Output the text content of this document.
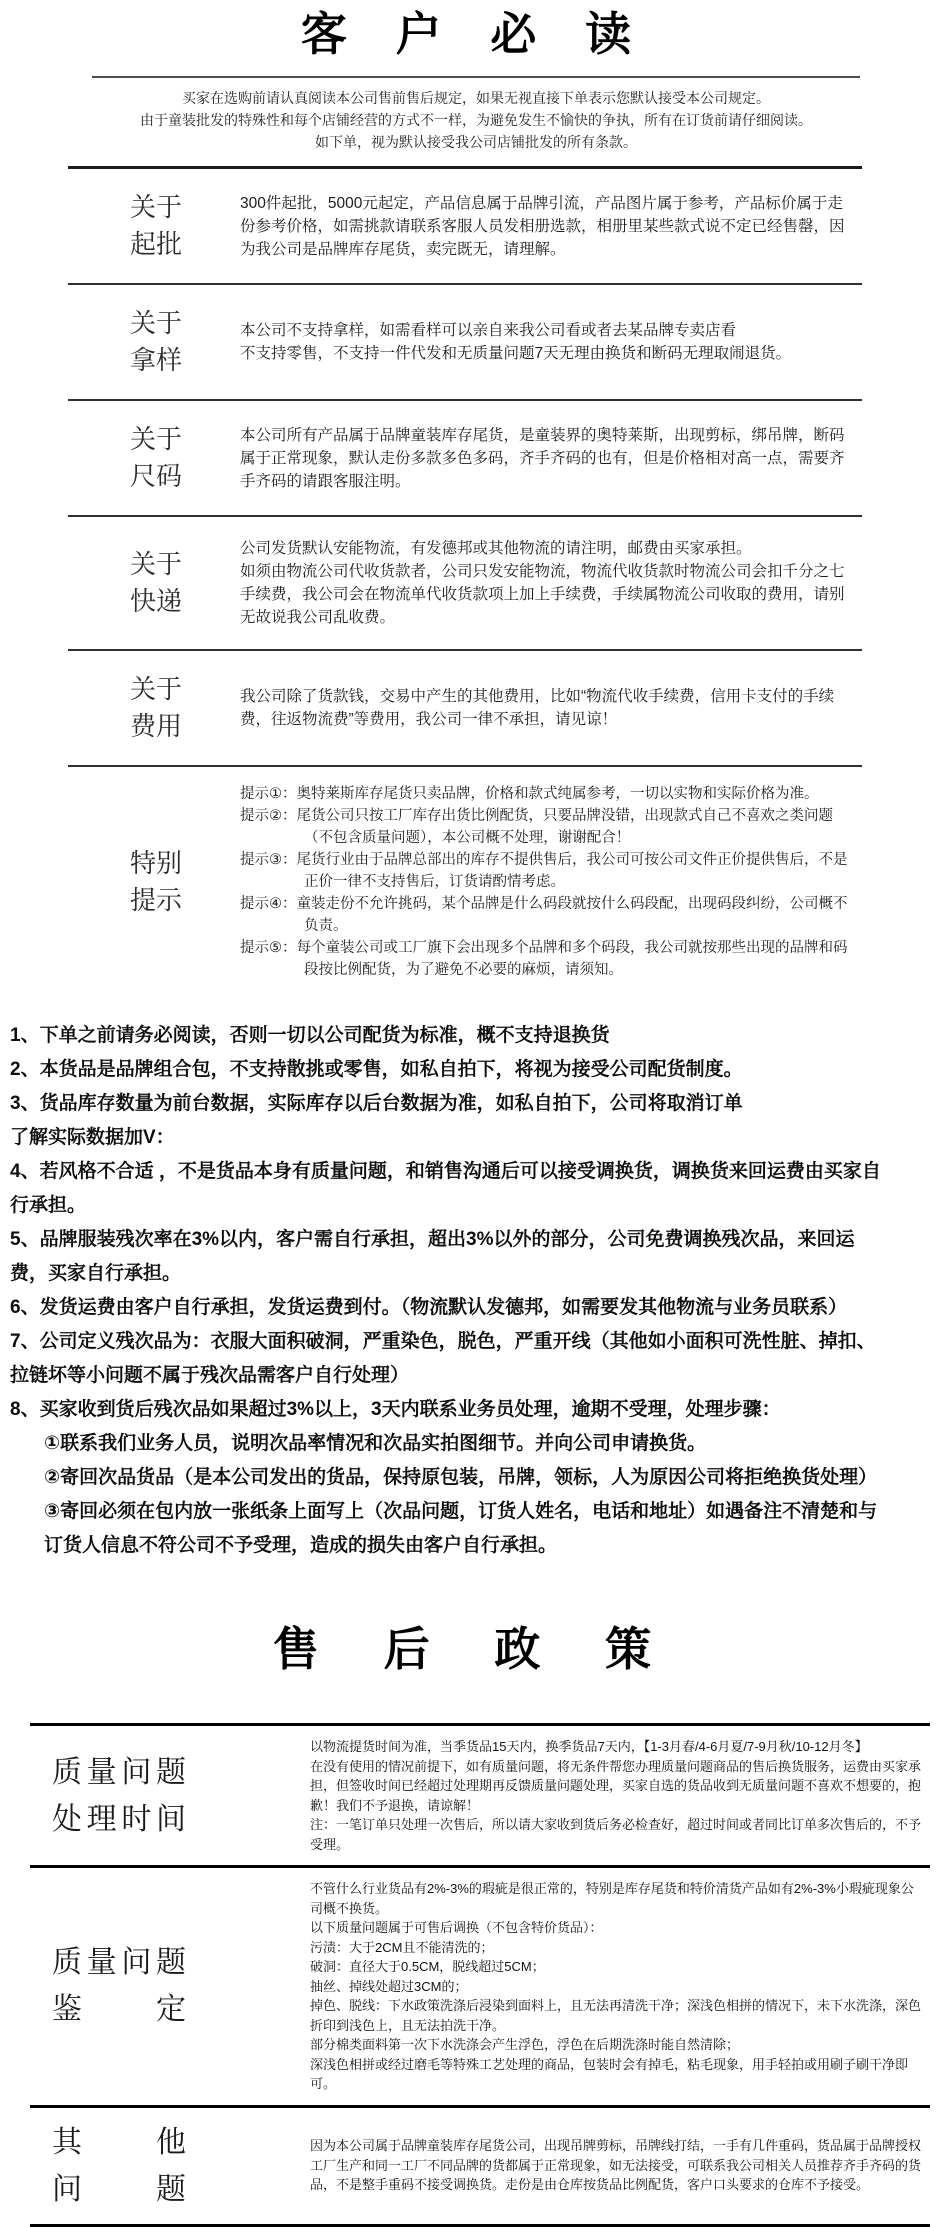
客 户 必 读

买家在选购前请认真阅读本公司售前售后规定，如果无视直接下单表示您默认接受本公司规定。

由于童装批发的特殊性和每个店铺经营的方式不一样，为避免发生不愉快的争执，所有在订货前请仔细阅读。

如下单，视为默认接受我公司店铺批发的所有条款。

关于
起批

300件起批，5000元起定，产品信息属于品牌引流，产品图片属于参考，产品标价属于走份参考价格，如需挑款请联系客服人员发相册选款，相册里某些款式说不定已经售罄，因为我公司是品牌库存尾货，卖完既无，请理解。

关于
拿样

本公司不支持拿样，如需看样可以亲自来我公司看或者去某品牌专卖店看

不支持零售，不支持一件代发和无质量问题7天无理由换货和断码无理取闹退货。

关于
尺码

本公司所有产品属于品牌童装库存尾货，是童装界的奥特莱斯，出现剪标，绑吊牌，断码属于正常现象，默认走份多款多色多码，齐手齐码的也有，但是价格相对高一点，需要齐手齐码的请跟客服注明。

关于
快递

公司发货默认安能物流，有发德邦或其他物流的请注明，邮费由买家承担。

如须由物流公司代收货款者，公司只发安能物流，物流代收货款时物流公司会扣千分之七手续费，我公司会在物流单代收货款项上加上手续费，手续属物流公司收取的费用，请别无故说我公司乱收费。

关于
费用

我公司除了货款钱，交易中产生的其他费用，比如“物流代收手续费，信用卡支付的手续费，往返物流费”等费用，我公司一律不承担，请见谅！

特别
提示

提示①：奥特莱斯库存尾货只卖品牌，价格和款式纯属参考，一切以实物和实际价格为准。

提示②：尾货公司只按工厂库存出货比例配货，只要品牌没错，出现款式自己不喜欢之类问题（不包含质量问题），本公司概不处理，谢谢配合！

提示③：尾货行业由于品牌总部出的库存不提供售后，我公司可按公司文件正价提供售后，不是正价一律不支持售后，订货请酌情考虑。

提示④：童装走份不允许挑码，某个品牌是什么码段就按什么码段配，出现码段纠纷，公司概不负责。

提示⑤：每个童装公司或工厂旗下会出现多个品牌和多个码段，我公司就按那些出现的品牌和码段按比例配货，为了避免不必要的麻烦，请须知。

1、下单之前请务必阅读，否则一切以公司配货为标准，概不支持退换货

2、本货品是品牌组合包，不支持散挑或零售，如私自拍下，将视为接受公司配货制度。

3、货品库存数量为前台数据，实际库存以后台数据为准，如私自拍下，公司将取消订单

了解实际数据加V：

4、若风格不合适 ，不是货品本身有质量问题，和销售沟通后可以接受调换货，调换货来回运费由买家自行承担。

5、品牌服装残次率在3%以内，客户需自行承担，超出3%以外的部分，公司免费调换残次品，来回运费，买家自行承担。

6、发货运费由客户自行承担，发货运费到付。（物流默认发德邦，如需要发其他物流与业务员联系）

7、公司定义残次品为：衣服大面积破洞，严重染色，脱色，严重开线（其他如小面积可洗性脏、掉扣、拉链坏等小问题不属于残次品需客户自行处理）

8、买家收到货后残次品如果超过3%以上，3天内联系业务员处理，逾期不受理，处理步骤：

①联系我们业务人员，说明次品率情况和次品实拍图细节。并向公司申请换货。

②寄回次品货品（是本公司发出的货品，保持原包装，吊牌，领标，人为原因公司将拒绝换货处理）

③寄回必须在包内放一张纸条上面写上（次品问题，订货人姓名，电话和地址）如遇备注不清楚和与订货人信息不符公司不予受理，造成的损失由客户自行承担。

售 后 政 策
质量问题
处理时间

以物流提货时间为准，当季货品15天内，换季货品7天内，【1-3月春/4-6月夏/7-9月秋/10-12月冬】

在没有使用的情况前提下，如有质量问题，将无条件帮您办理质量问题商品的售后换货服务，运费由买家承担，但签收时间已经超过处理期再反馈质量问题处理，买家自选的货品收到无质量问题不喜欢不想要的，抱歉！我们不予退换，请谅解！

注：一笔订单只处理一次售后，所以请大家收到货后务必检查好，超过时间或者同比订单多次售后的，不予受理。

质量问题
鉴定

不管什么行业货品有2%-3%的瑕疵是很正常的，特别是库存尾货和特价清货产品如有2%-3%小瑕疵现象公司概不换货。

以下质量问题属于可售后调换（不包含特价货品）：

污渍：大于2CM且不能清洗的；

破洞：直径大于0.5CM，脱线超过5CM；

抽丝、掉线处超过3CM的；

掉色、脱线：下水政策洗涤后浸染到面料上，且无法再清洗干净；深浅色相拼的情况下，未下水洗涤，深色折印到浅色上，且无法拍洗干净。

部分棉类面料第一次下水洗涤会产生浮色，浮色在后期洗涤时能自然清除；

深浅色相拼或经过磨毛等特殊工艺处理的商品，包装时会有掉毛，粘毛现象，用手轻拍或用刷子刷干净即可。

其他
问题

因为本公司属于品牌童装库存尾货公司，出现吊牌剪标，吊牌线打结，一手有几件重码，货品属于品牌授权工厂生产和同一工厂不同品牌的货都属于正常现象，如无法接受，可联系我公司相关人员推荐齐手齐码的货品，不是整手重码不接受调换货。走份是由仓库按货品比例配货，客户口头要求的仓库不予接受。
